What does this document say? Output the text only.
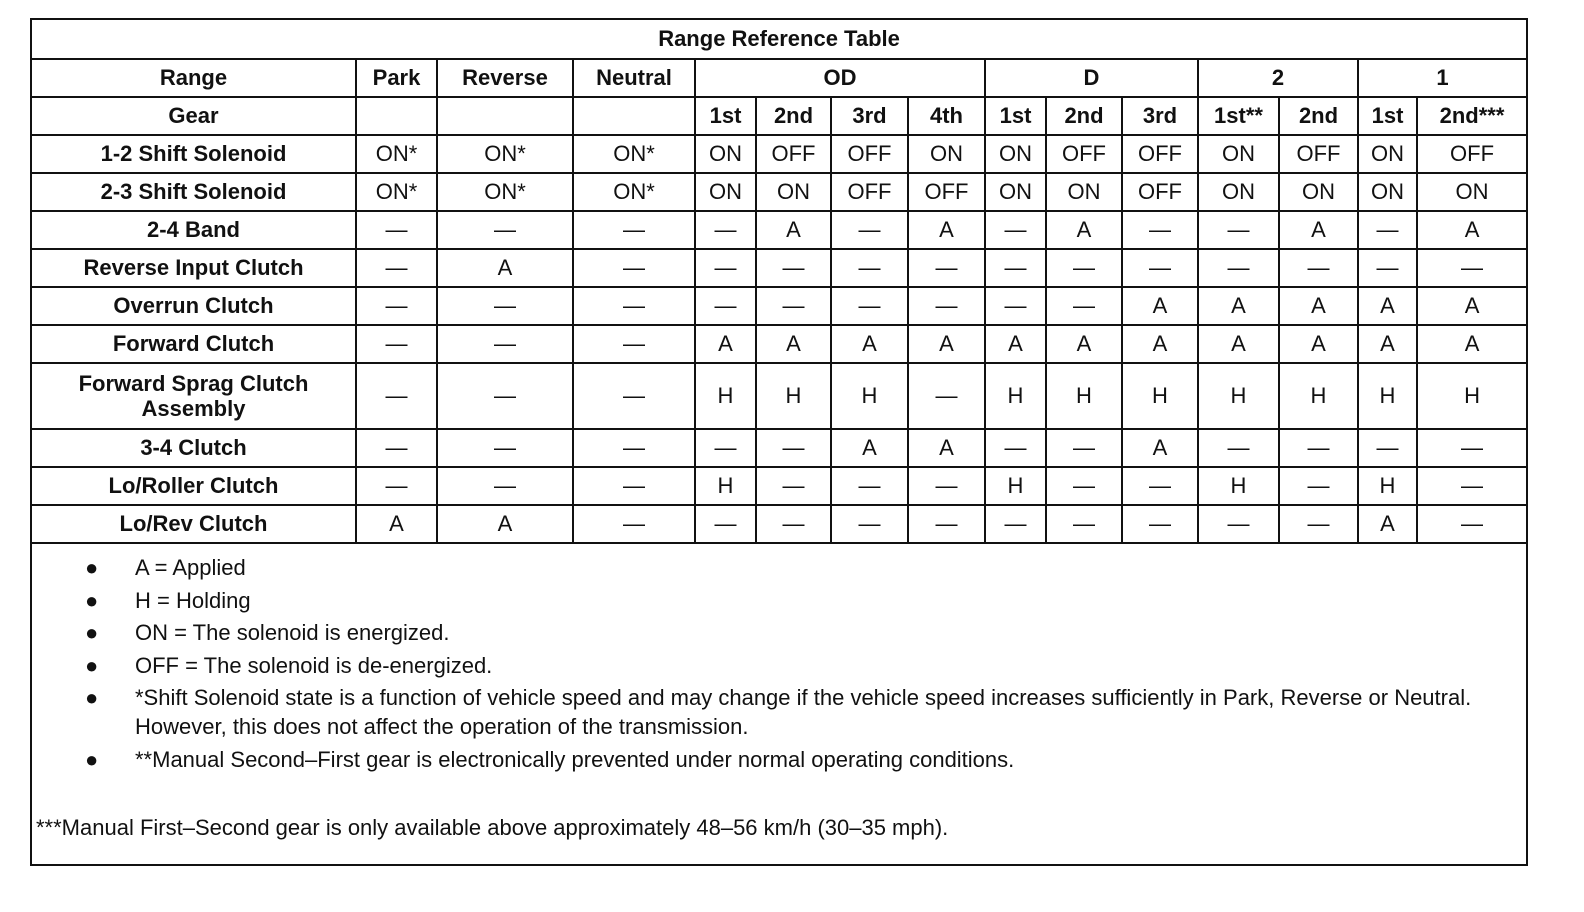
Range Reference Table														
Range	Park	Reverse	Neutral	OD				D			2		1	
Gear				1st	2nd	3rd	4th	1st	2nd	3rd	1st**	2nd	1st	2nd***
1-2 Shift Solenoid	ON*	ON*	ON*	ON	OFF	OFF	ON	ON	OFF	OFF	ON	OFF	ON	OFF
2-3 Shift Solenoid	ON*	ON*	ON*	ON	ON	OFF	OFF	ON	ON	OFF	ON	ON	ON	ON
2-4 Band	—	—	—	—	A	—	A	—	A	—	—	A	—	A
Reverse Input Clutch	—	A	—	—	—	—	—	—	—	—	—	—	—	—
Overrun Clutch	—	—	—	—	—	—	—	—	—	A	A	A	A	A
Forward Clutch	—	—	—	A	A	A	A	A	A	A	A	A	A	A
Forward Sprag Clutch Assembly	—	—	—	H	H	H	—	H	H	H	H	H	H	H
3-4 Clutch	—	—	—	—	—	A	A	—	—	A	—	—	—	—
Lo/Roller Clutch	—	—	—	H	—	—	—	H	—	—	H	—	H	—
Lo/Rev Clutch	A	A	—	—	—	—	—	—	—	—	—	—	A	—
● A = Applied
● H = Holding
● ON = The solenoid is energized.
● OFF = The solenoid is de-energized.
● *Shift Solenoid state is a function of vehicle speed and may change if the vehicle speed increases sufficiently in Park, Reverse or Neutral. However, this does not affect the operation of the transmission.
● **Manual Second–First gear is electronically prevented under normal operating conditions.
***Manual First–Second gear is only available above approximately 48–56 km/h (30–35 mph).
